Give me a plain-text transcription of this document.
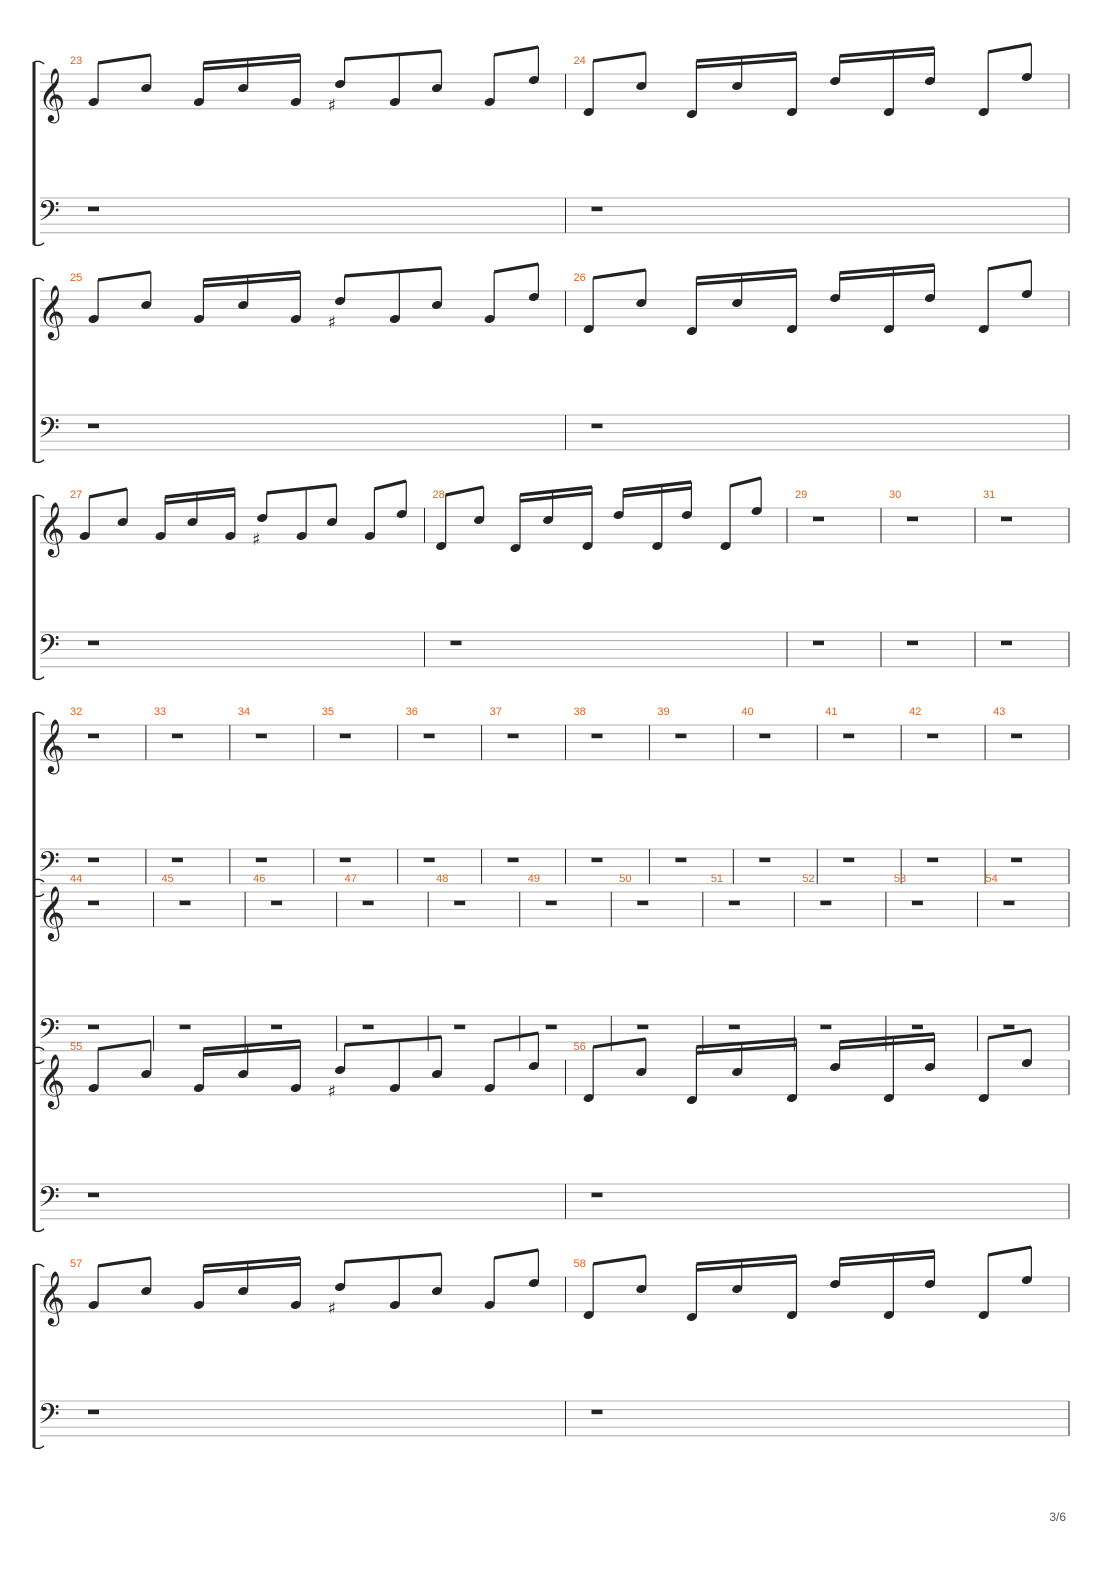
𝄞
𝄢
23	24
♯
𝄞
𝄢
25	26
♯
𝄞
𝄢
27	28	29	30	31
♯
𝄞
𝄢
32	33	34	35	36	37	38	39	40	41	42	43
𝄞
𝄢
44	45	46	47	48	49	50	51	52	53	54
𝄞
𝄢
55	56
♯
𝄞
𝄢
57	58
♯
3/6
